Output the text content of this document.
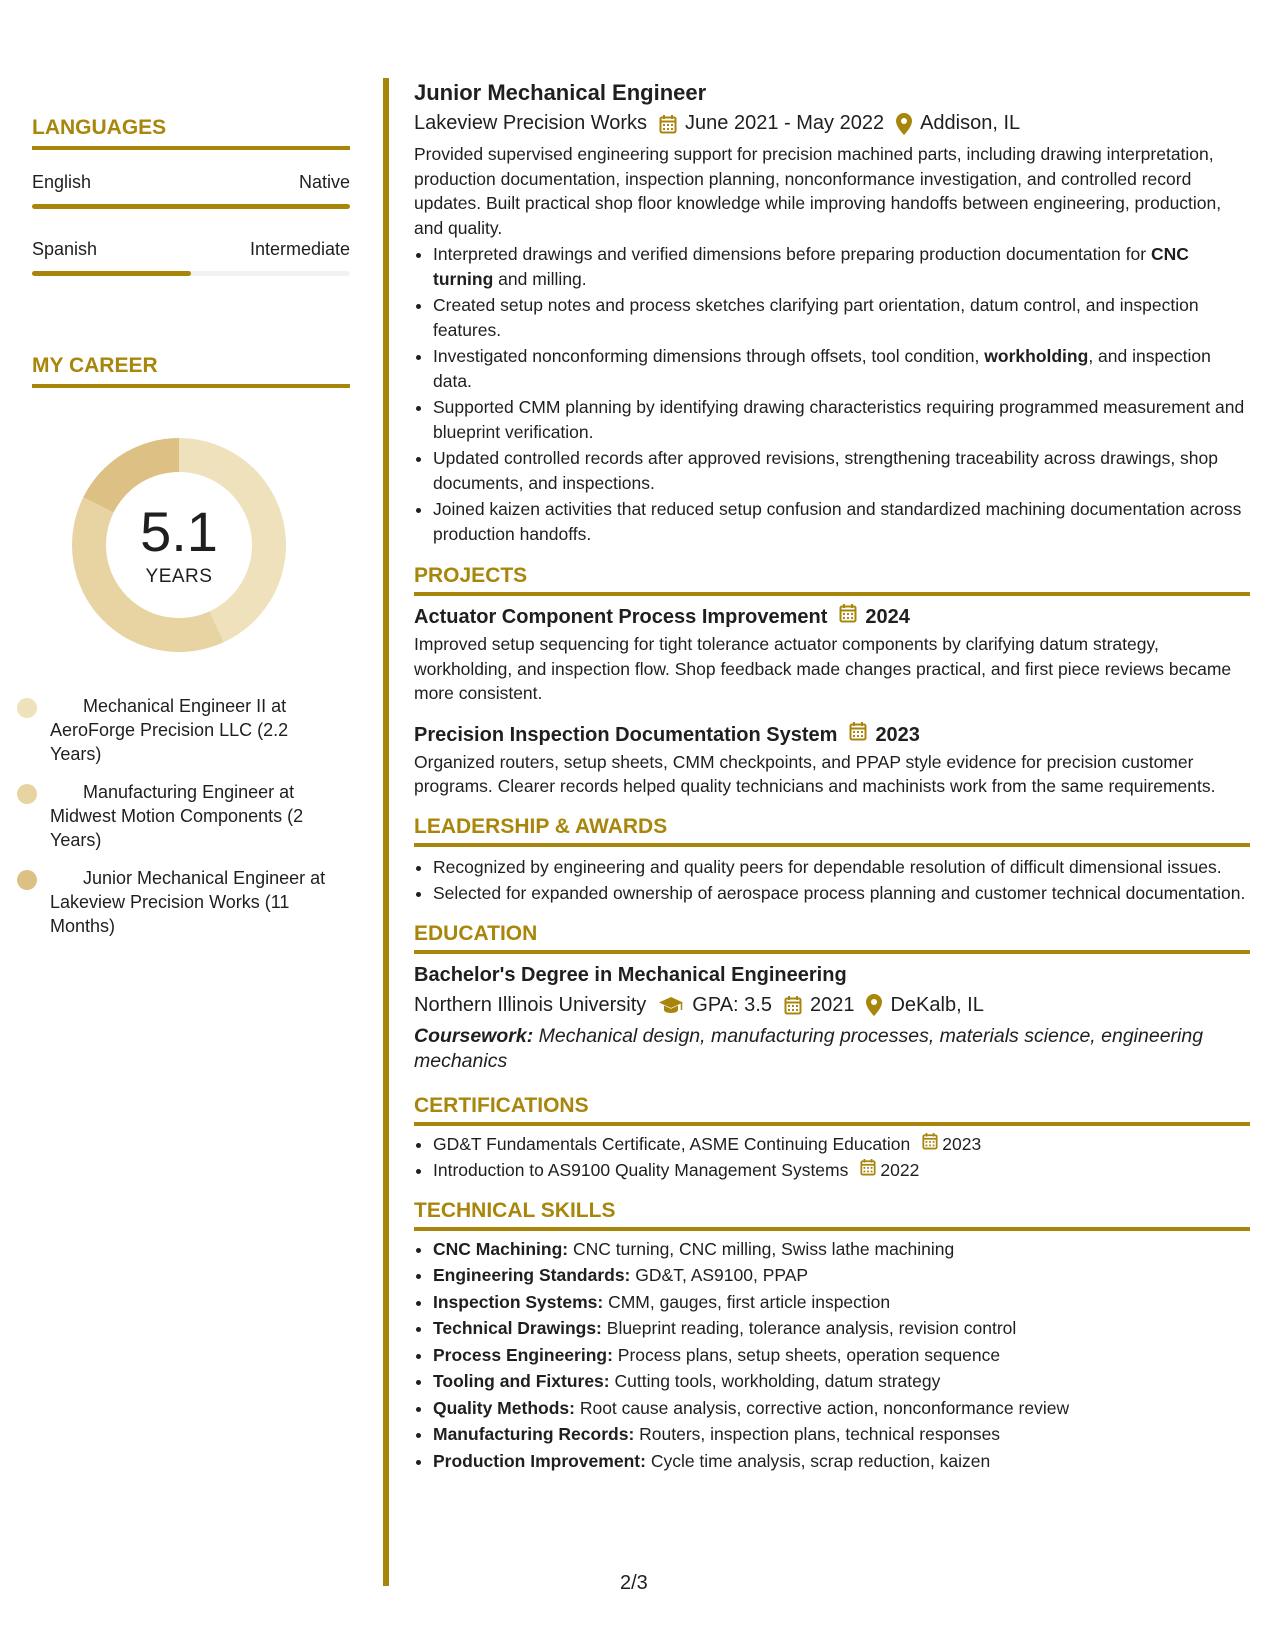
LANGUAGES
English	Native
Spanish	Intermediate
MY CAREER
5.1
YEARS
Mechanical Engineer II at AeroForge Precision LLC (2.2 Years)
Manufacturing Engineer at Midwest Motion Components (2 Years)
Junior Mechanical Engineer at Lakeview Precision Works (11 Months)
Junior Mechanical Engineer
Lakeview Precision Works June 2021 - May 2022 Addison, IL

Provided supervised engineering support for precision machined parts, including drawing interpretation, production documentation, inspection planning, nonconformance investigation, and controlled record updates. Built practical shop floor knowledge while improving handoffs between engineering, production, and quality.

• Interpreted drawings and verified dimensions before preparing production documentation for CNC turning and milling.
• Created setup notes and process sketches clarifying part orientation, datum control, and inspection features.
• Investigated nonconforming dimensions through offsets, tool condition, workholding, and inspection data.
• Supported CMM planning by identifying drawing characteristics requiring programmed measurement and blueprint verification.
• Updated controlled records after approved revisions, strengthening traceability across drawings, shop documents, and inspections.
• Joined kaizen activities that reduced setup confusion and standardized machining documentation across production handoffs.
PROJECTS
Actuator Component Process Improvement 2024

Improved setup sequencing for tight tolerance actuator components by clarifying datum strategy, workholding, and inspection flow. Shop feedback made changes practical, and first piece reviews became more consistent.

Precision Inspection Documentation System 2023

Organized routers, setup sheets, CMM checkpoints, and PPAP style evidence for precision customer programs. Clearer records helped quality technicians and machinists work from the same requirements.

LEADERSHIP & AWARDS
• Recognized by engineering and quality peers for dependable resolution of difficult dimensional issues.
• Selected for expanded ownership of aerospace process planning and customer technical documentation.
EDUCATION
Bachelor's Degree in Mechanical Engineering
Northern Illinois University GPA: 3.5 2021 DeKalb, IL
Coursework: Mechanical design, manufacturing processes, materials science, engineering mechanics
CERTIFICATIONS
• GD&T Fundamentals Certificate, ASME Continuing Education 2023
• Introduction to AS9100 Quality Management Systems 2022
TECHNICAL SKILLS
• CNC Machining: CNC turning, CNC milling, Swiss lathe machining
• Engineering Standards: GD&T, AS9100, PPAP
• Inspection Systems: CMM, gauges, first article inspection
• Technical Drawings: Blueprint reading, tolerance analysis, revision control
• Process Engineering: Process plans, setup sheets, operation sequence
• Tooling and Fixtures: Cutting tools, workholding, datum strategy
• Quality Methods: Root cause analysis, corrective action, nonconformance review
• Manufacturing Records: Routers, inspection plans, technical responses
• Production Improvement: Cycle time analysis, scrap reduction, kaizen
2/3
